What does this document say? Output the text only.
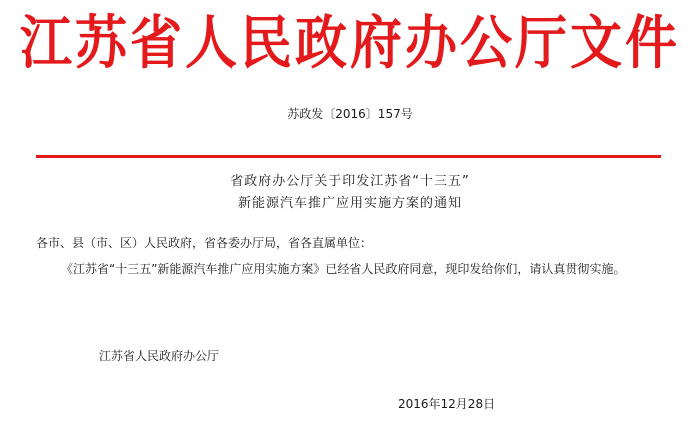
江苏省人民政府办公厅文件
苏政发〔2016〕157号
省政府办公厅关于印发江苏省“十三五”
新能源汽车推广应用实施方案的通知
各市、县（市、区）人民政府，省各委办厅局，省各直属单位：
《江苏省“十三五”新能源汽车推广应用实施方案》已经省人民政府同意，现印发给你们，请认真贯彻实施。
江苏省人民政府办公厅
2016年12月28日
